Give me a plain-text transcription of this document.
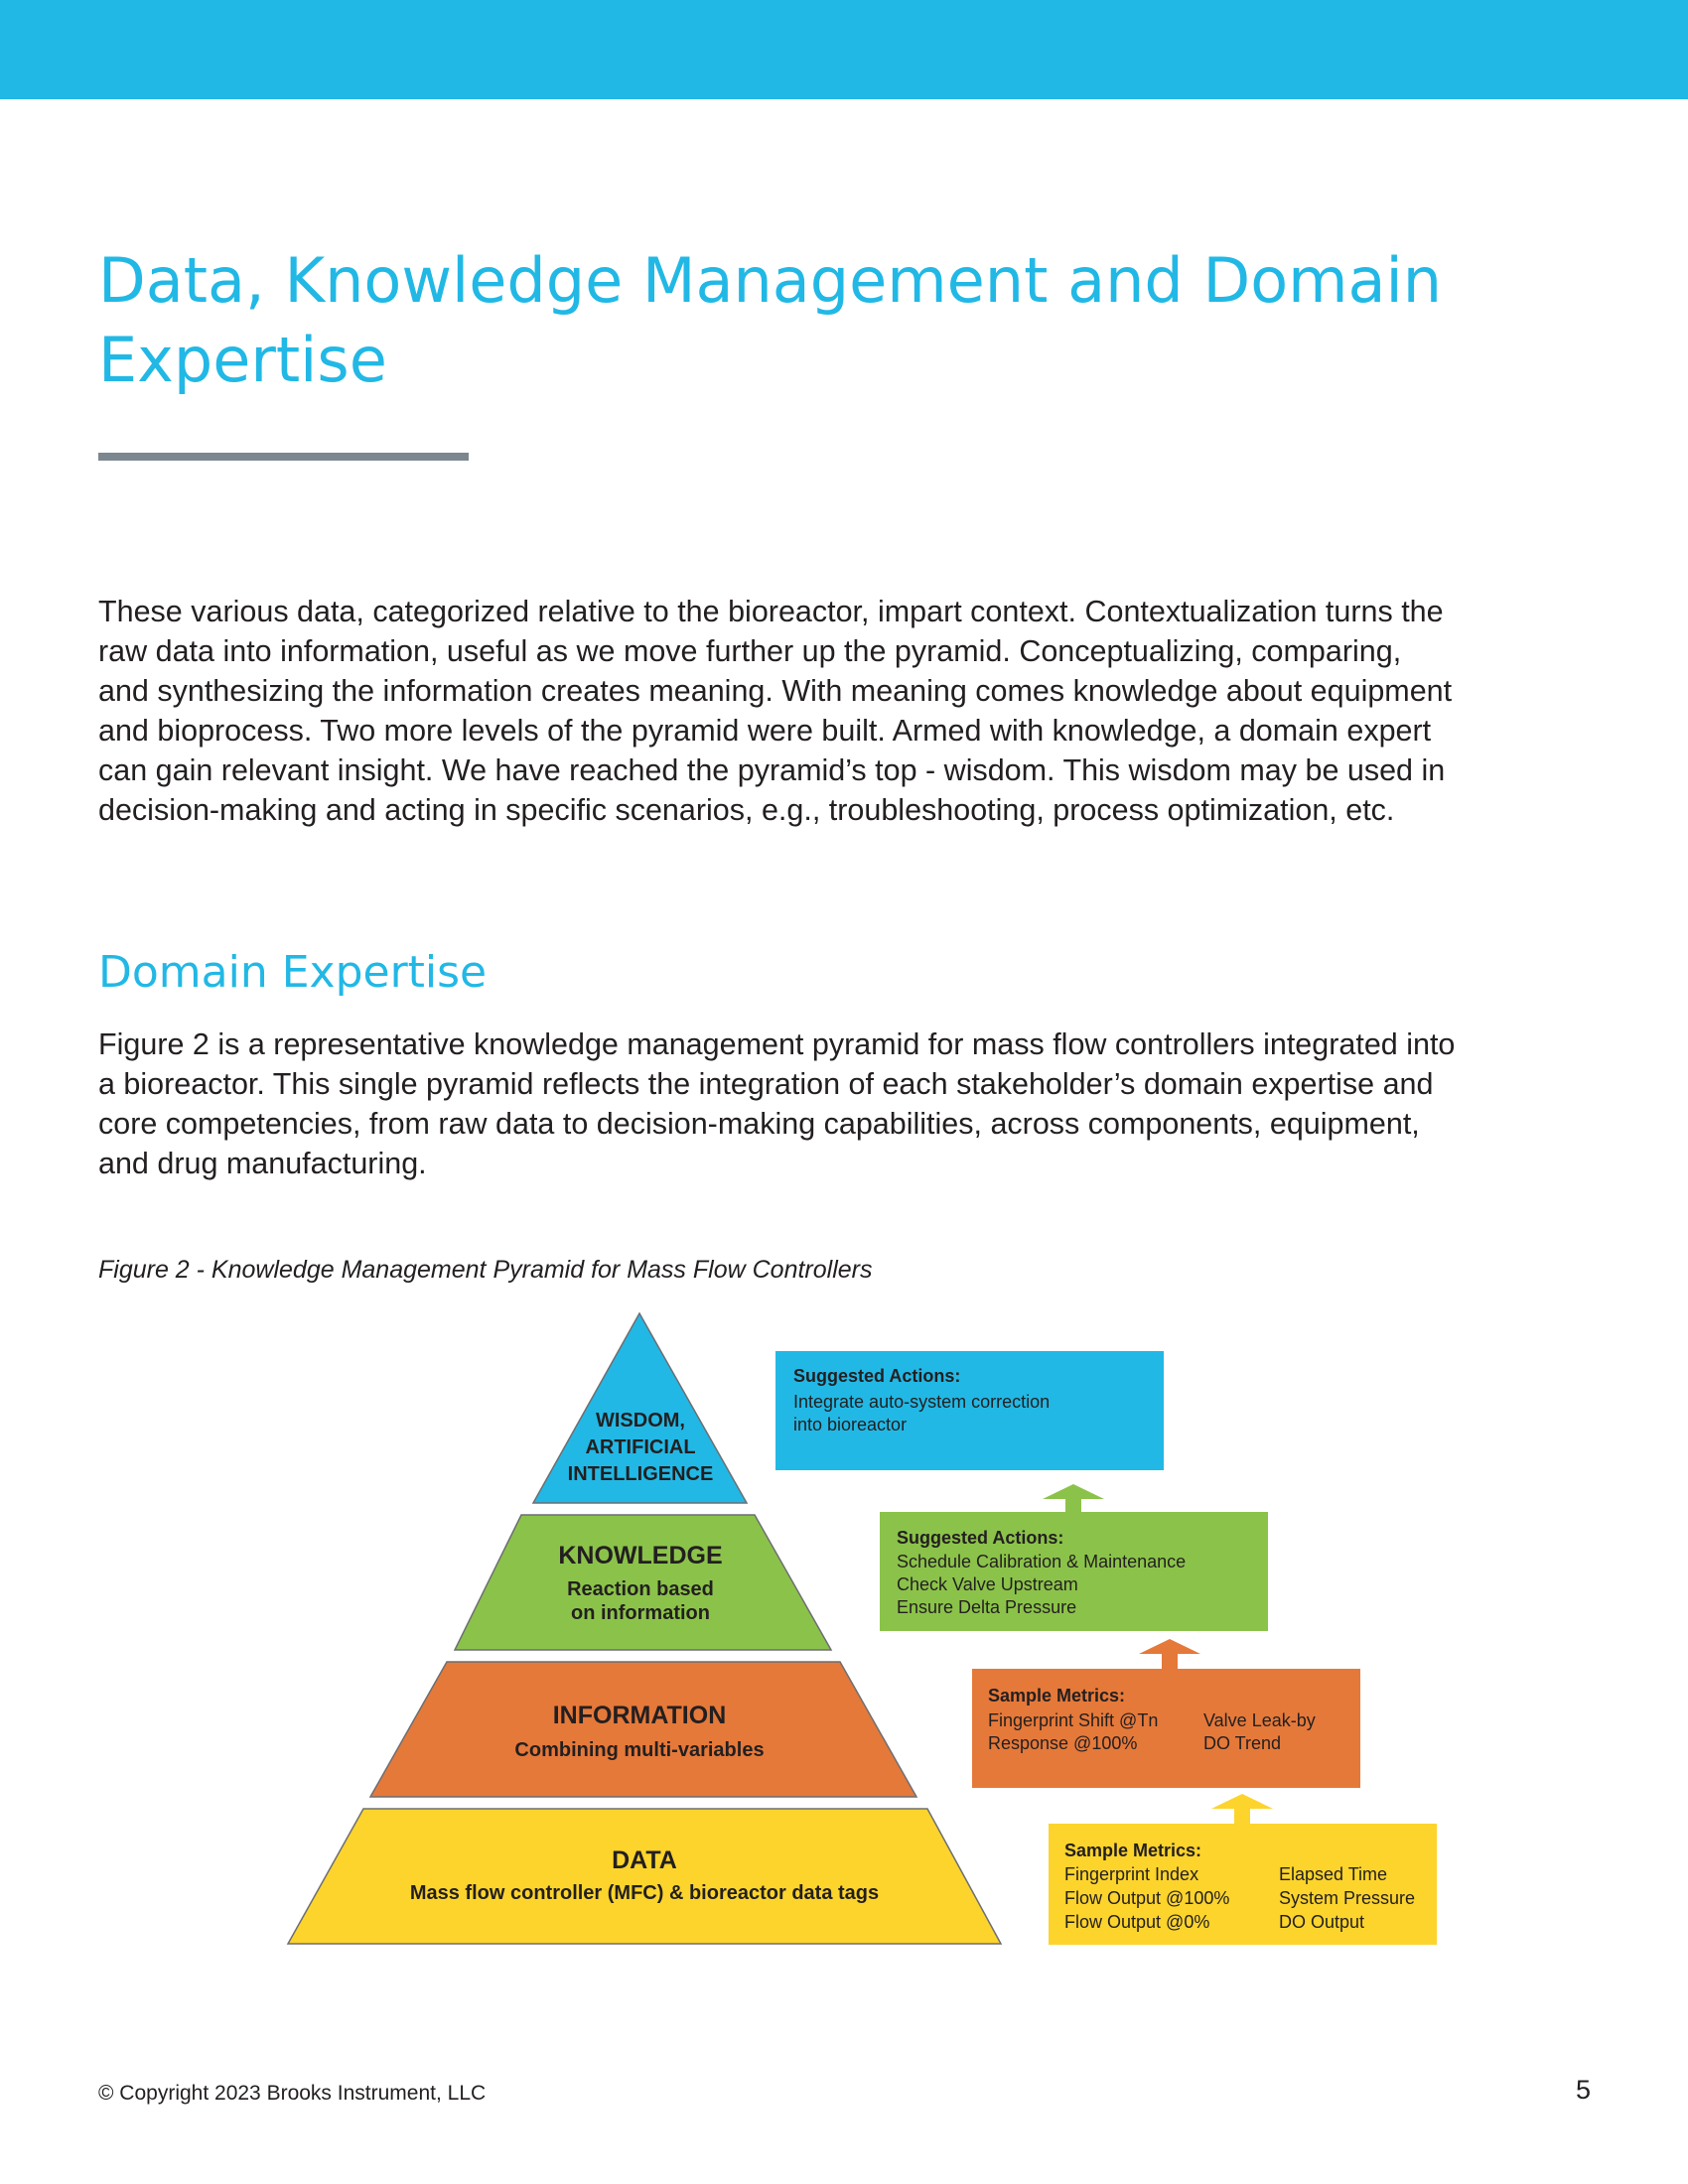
Data, Knowledge Management and Domain
Expertise

These various data, categorized relative to the bioreactor, impart context. Contextualization turns the
raw data into information, useful as we move further up the pyramid. Conceptualizing, comparing,
and synthesizing the information creates meaning. With meaning comes knowledge about equipment
and bioprocess. Two more levels of the pyramid were built. Armed with knowledge, a domain expert
can gain relevant insight. We have reached the pyramid’s top - wisdom. This wisdom may be used in
decision-making and acting in specific scenarios, e.g., troubleshooting, process optimization, etc.

Domain Expertise

Figure 2 is a representative knowledge management pyramid for mass flow controllers integrated into
a bioreactor. This single pyramid reflects the integration of each stakeholder’s domain expertise and
core competencies, from raw data to decision-making capabilities, across components, equipment,
and drug manufacturing.

Figure 2 - Knowledge Management Pyramid for Mass Flow Controllers

WISDOM,
ARTIFICIAL
INTELLIGENCE
KNOWLEDGE
Reaction based
on information
INFORMATION
Combining multi-variables
DATA
Mass flow controller (MFC) & bioreactor data tags
Suggested Actions:
Integrate auto-system correction
into bioreactor
Suggested Actions:
Schedule Calibration & Maintenance
Check Valve Upstream
Ensure Delta Pressure
Sample Metrics:
Fingerprint Shift @Tn
Response @100%
Valve Leak-by
DO Trend
Sample Metrics:
Fingerprint Index
Flow Output @100%
Flow Output @0%
Elapsed Time
System Pressure
DO Output
© Copyright 2023 Brooks Instrument, LLC	5
